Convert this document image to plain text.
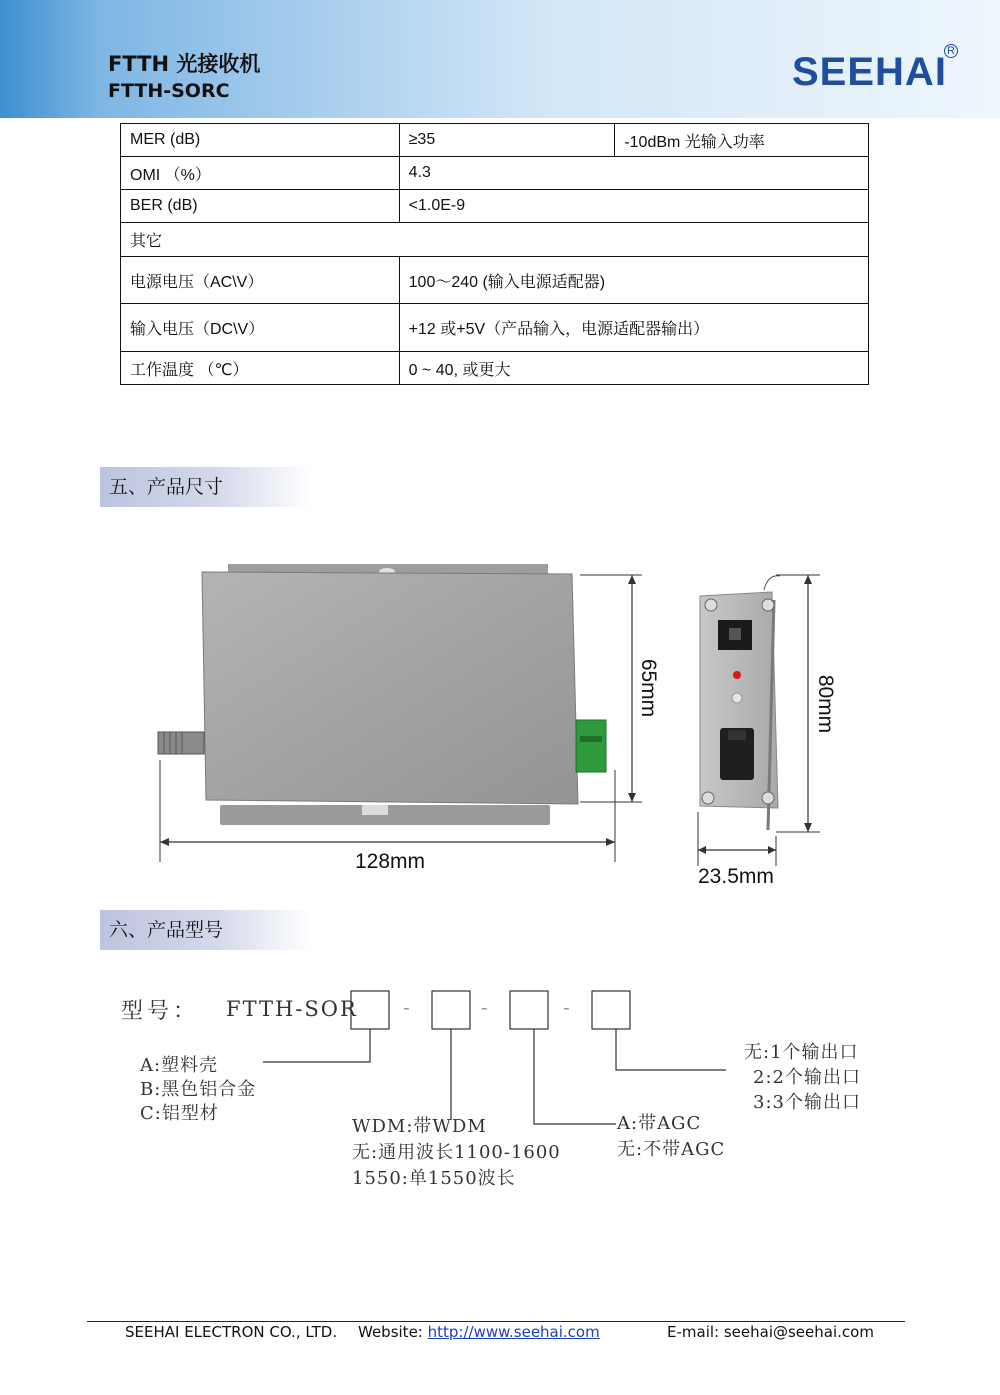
FTTH 光接收机
FTTH-SORC	SEEHAI R
MER (dB)	≥35	-10dBm 光输入功率
OMI （%）	4.3	
BER (dB)	<1.0E-9	
其它		
电源电压（AC\V）	100～240 (输入电源适配器)	
输入电压（DC\V）	+12 或+5V（产品输入，电源适配器输出）	
工作温度 （℃）	0 ~ 40, 或更大	
五、产品尺寸
128mm
65mm	80mm
23.5mm
六、产品型号
型号： FTTH-SOR -	-	-
A:塑料壳
B:黑色铝合金
C:铝型材
WDM:带WDM
无:通用波长1100-1600
1550:单1550波长
A:带AGC
无:不带AGC
无:1个输出口
2:2个输出口
3:3个输出口
SEEHAI ELECTRON CO., LTD. Website: http://www.seehai.com	E-mail: seehai@seehai.com
